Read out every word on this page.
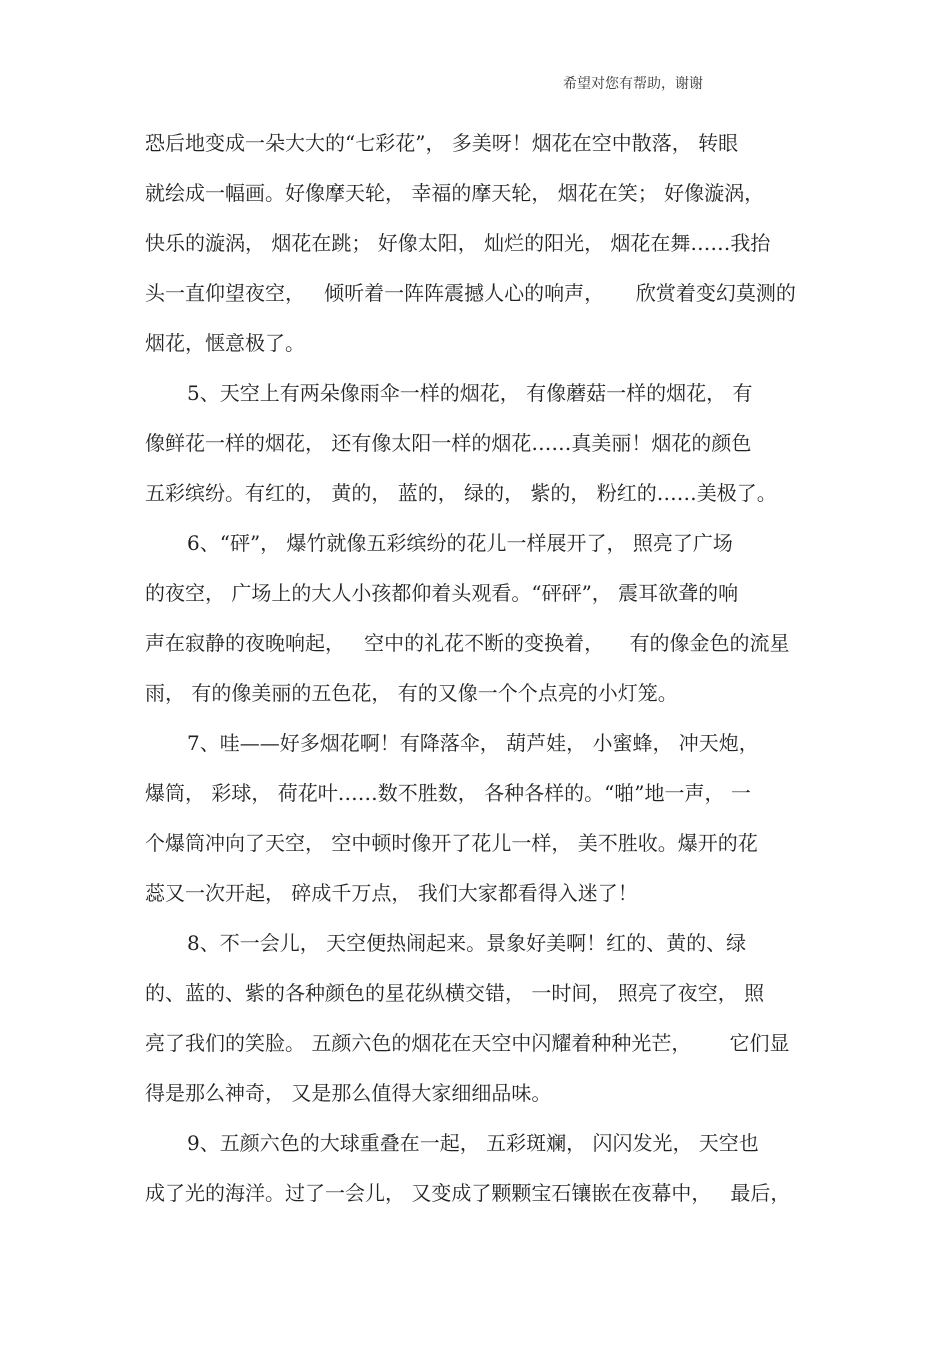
希望对您有帮助，谢谢
恐后地变成一朵大大的“七彩花”， 多美呀！烟花在空中散落， 转眼
就绘成一幅画。好像摩天轮， 幸福的摩天轮， 烟花在笑； 好像漩涡，
快乐的漩涡， 烟花在跳； 好像太阳， 灿烂的阳光， 烟花在舞……我抬
头一直仰望夜空，   倾听着一阵阵震撼人心的响声，     欣赏着变幻莫测的
烟花，惬意极了。
5、天空上有两朵像雨伞一样的烟花， 有像蘑菇一样的烟花， 有
像鲜花一样的烟花， 还有像太阳一样的烟花……真美丽！烟花的颜色
五彩缤纷。有红的， 黄的， 蓝的， 绿的， 紫的， 粉红的……美极了。
6、“砰”， 爆竹就像五彩缤纷的花儿一样展开了， 照亮了广场
的夜空， 广场上的大人小孩都仰着头观看。“砰砰”， 震耳欲聋的响
声在寂静的夜晚响起，   空中的礼花不断的变换着，    有的像金色的流星
雨， 有的像美丽的五色花， 有的又像一个个点亮的小灯笼。
7、哇——好多烟花啊！有降落伞， 葫芦娃， 小蜜蜂， 冲天炮，
爆筒， 彩球， 荷花叶……数不胜数， 各种各样的。“啪”地一声， 一
个爆筒冲向了天空， 空中顿时像开了花儿一样， 美不胜收。爆开的花
蕊又一次开起， 碎成千万点， 我们大家都看得入迷了！
8、不一会儿， 天空便热闹起来。景象好美啊！红的、黄的、绿
的、蓝的、紫的各种颜色的星花纵横交错， 一时间， 照亮了夜空， 照
亮了我们的笑脸。 五颜六色的烟花在天空中闪耀着种种光芒，      它们显
得是那么神奇， 又是那么值得大家细细品味。
9、五颜六色的大球重叠在一起， 五彩斑斓， 闪闪发光， 天空也
成了光的海洋。过了一会儿， 又变成了颗颗宝石镶嵌在夜幕中，   最后，
